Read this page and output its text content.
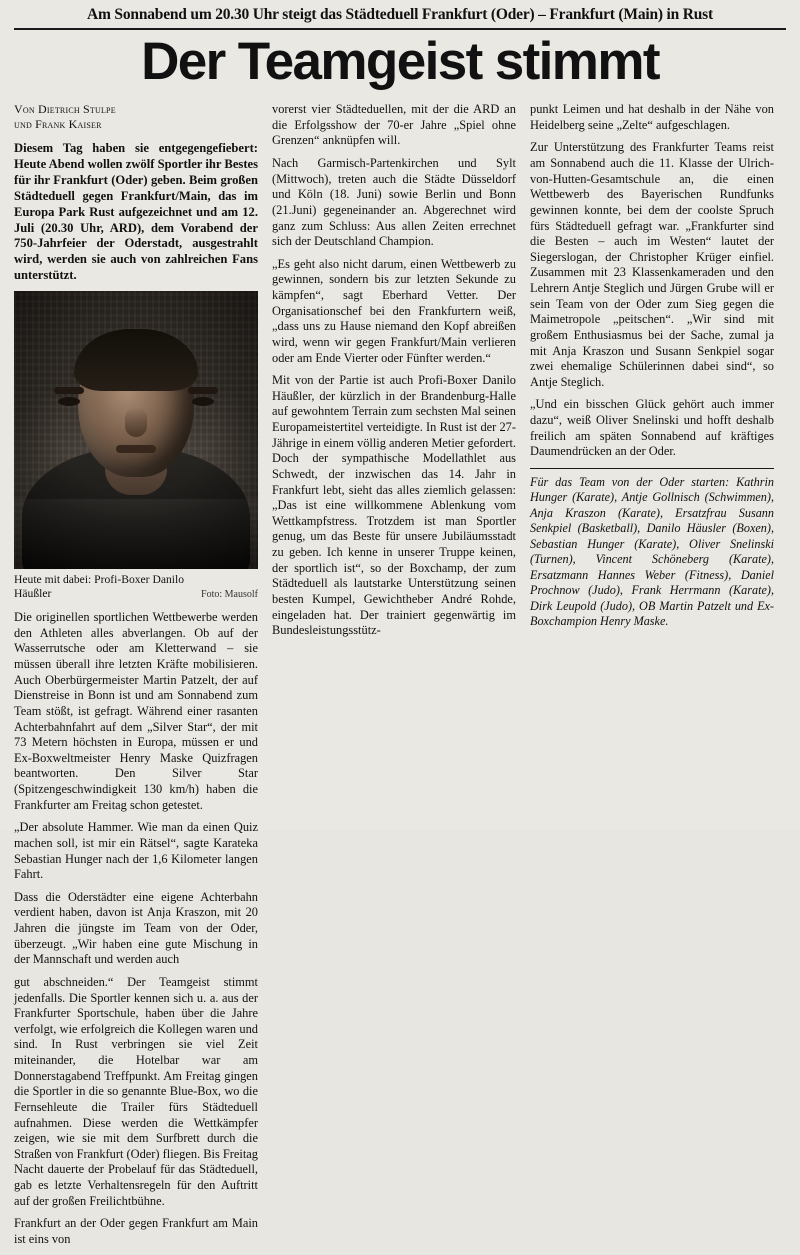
Am Sonnabend um 20.30 Uhr steigt das Städteduell Frankfurt (Oder) – Frankfurt (Main) in Rust
Der Teamgeist stimmt
Von Dietrich Stulpe
und Frank Kaiser

Diesem Tag haben sie entgegengefiebert: Heute Abend wollen zwölf Sportler ihr Bestes für ihr Frankfurt (Oder) geben. Beim großen Städteduell gegen Frankfurt/Main, das im Europa Park Rust aufgezeichnet und am 12. Juli (20.30 Uhr, ARD), dem Vorabend der 750-Jahrfeier der Oderstadt, ausgestrahlt wird, werden sie auch von zahlreichen Fans unterstützt.

Heute mit dabei: Profi-Boxer Danilo Häußler	Foto: Mausolf

Die originellen sportlichen Wettbewerbe werden den Athleten alles abverlangen. Ob auf der Wasserrutsche oder am Kletterwand – sie müssen überall ihre letzten Kräfte mobilisieren. Auch Oberbürgermeister Martin Patzelt, der auf Dienstreise in Bonn ist und am Sonnabend zum Team stößt, ist gefragt. Während einer rasanten Achterbahnfahrt auf dem „Silver Star“, der mit 73 Metern höchsten in Europa, müssen er und Ex-Boxweltmeister Henry Maske Quizfragen beantworten. Den Silver Star (Spitzengeschwindigkeit 130 km/h) haben die Frankfurter am Freitag schon getestet.

„Der absolute Hammer. Wie man da einen Quiz machen soll, ist mir ein Rätsel“, sagte Karateka Sebastian Hunger nach der 1,6 Kilometer langen Fahrt.

Dass die Oderstädter eine eigene Achterbahn verdient haben, davon ist Anja Kraszon, mit 20 Jahren die jüngste im Team von der Oder, überzeugt. „Wir haben eine gute Mischung in der Mannschaft und werden auch

gut abschneiden.“ Der Teamgeist stimmt jedenfalls. Die Sportler kennen sich u. a. aus der Frankfurter Sportschule, haben über die Jahre verfolgt, wie erfolgreich die Kollegen waren und sind. In Rust verbringen sie viel Zeit miteinander, die Hotelbar war am Donnerstagabend Treffpunkt. Am Freitag gingen die Sportler in die so genannte Blue-Box, wo die Fernsehleute die Trailer fürs Städteduell aufnahmen. Diese werden die Wettkämpfer zeigen, wie sie mit dem Surfbrett durch die Straßen von Frankfurt (Oder) fliegen. Bis Freitag Nacht dauerte der Probelauf für das Städteduell, gab es letzte Verhaltensregeln für den Auftritt auf der großen Freilichtbühne.

Frankfurt an der Oder gegen Frankfurt am Main ist eins von

vorerst vier Städteduellen, mit der die ARD an die Erfolgsshow der 70-er Jahre „Spiel ohne Grenzen“ anknüpfen will.

Nach Garmisch-Partenkirchen und Sylt (Mittwoch), treten auch die Städte Düsseldorf und Köln (18. Juni) sowie Berlin und Bonn (21.Juni) gegeneinander an. Abgerechnet wird ganz zum Schluss: Aus allen Zeiten errechnet sich der Deutschland Champion.

„Es geht also nicht darum, einen Wettbewerb zu gewinnen, sondern bis zur letzten Sekunde zu kämpfen“, sagt Eberhard Vetter. Der Organisationschef bei den Frankfurtern weiß, „dass uns zu Hause niemand den Kopf abreißen wird, wenn wir gegen Frankfurt/Main verlieren oder am Ende Vierter oder Fünfter werden.“

Mit von der Partie ist auch Profi-Boxer Danilo Häußler, der kürzlich in der Brandenburg-Halle auf gewohntem Terrain zum sechsten Mal seinen Europameistertitel verteidigte. In Rust ist der 27-Jährige in einem völlig anderen Metier gefordert. Doch der sympathische Modellathlet aus Schwedt, der inzwischen das 14. Jahr in Frankfurt lebt, sieht das alles ziemlich gelassen: „Das ist eine willkommene Ablenkung vom Wettkampfstress. Trotzdem ist man Sportler genug, um das Beste für unsere Jubiläumsstadt zu geben. Ich kenne in unserer Truppe keinen, der sportlich ist“, so der Boxchamp, der zum Städteduell als lautstarke Unterstützung seinen besten Kumpel, Gewichtheber André Rohde, eingeladen hat. Der trainiert gegenwärtig im Bundesleistungsstütz-

punkt Leimen und hat deshalb in der Nähe von Heidelberg seine „Zelte“ aufgeschlagen.

Zur Unterstützung des Frankfurter Teams reist am Sonnabend auch die 11. Klasse der Ulrich-von-Hutten-Gesamtschule an, die einen Wettbewerb des Bayerischen Rundfunks gewinnen konnte, bei dem der coolste Spruch fürs Städteduell gefragt war. „Frankfurter sind die Besten – auch im Westen“ lautet der Siegerslogan, der Christopher Krüger einfiel. Zusammen mit 23 Klassenkameraden und den Lehrern Antje Steglich und Jürgen Grube will er sein Team von der Oder zum Sieg gegen die Maimetropole „peitschen“. „Wir sind mit großem Enthusiasmus bei der Sache, zumal ja mit Anja Kraszon und Susann Senkpiel sogar zwei ehemalige Schülerinnen dabei sind“, so Antje Steglich.

„Und ein bisschen Glück gehört auch immer dazu“, weiß Oliver Snelinski und hofft deshalb freilich am späten Sonnabend auf kräftiges Daumendrücken an der Oder.

Für das Team von der Oder starten: Kathrin Hunger (Karate), Antje Gollnisch (Schwimmen), Anja Kraszon (Karate), Ersatzfrau Susann Senkpiel (Basketball), Danilo Häusler (Boxen), Sebastian Hunger (Karate), Oliver Snelinski (Turnen), Vincent Schöneberg (Karate), Ersatzmann Hannes Weber (Fitness), Daniel Prochnow (Judo), Frank Herrmann (Karate), Dirk Leupold (Judo), OB Martin Patzelt und Ex-Boxchampion Henry Maske.
